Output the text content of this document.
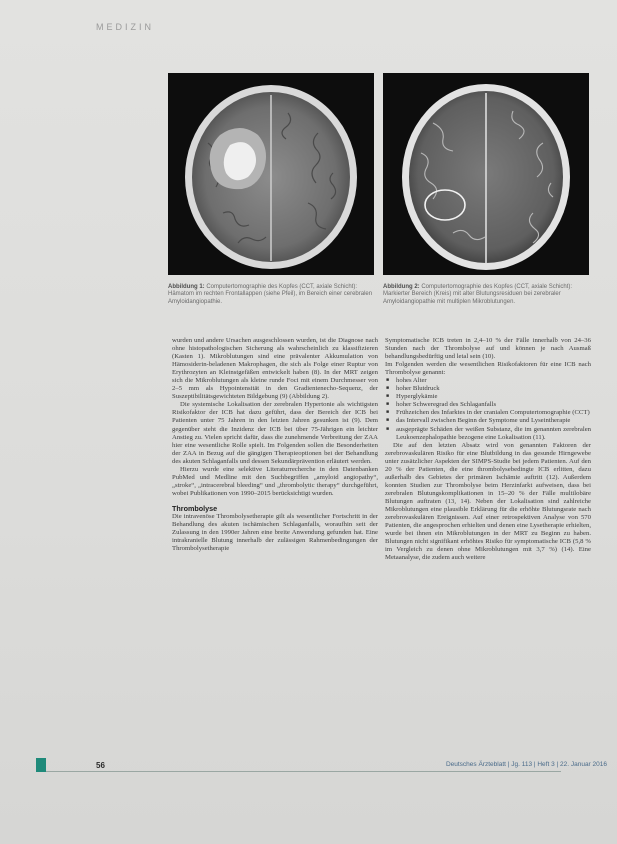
MEDIZIN
Abbildung 1: Computertomographie des Kopfes (CCT, axiale Schicht): Hämatom im rechten Frontallappen (siehe Pfeil), im Bereich einer cerebralen Amyloidangiopathie.
Abbildung 2: Computertomographie des Kopfes (CCT, axiale Schicht): Markierter Bereich (Kreis) mit alter Blutungsresiduen bei zerebraler Amyloidangiopathie mit multiplen Mikroblutungen.

wurden und andere Ursachen ausgeschlossen wurden, ist die Diagnose nach ohne histopathologischen Sicherung als wahrscheinlich zu klassifizieren (Kasten 1). Mikroblutungen sind eine prävalenter Akkumulation von Hämosiderin-beladenen Makrophagen, die sich als Folge einer Ruptur von Erythrozyten an Kleinstgefäßen entwickelt haben (8). In der MRT zeigen sich die Mikroblutungen als kleine runde Foci mit einem Durchmesser von 2–5 mm als Hypointensität in den Gradientenecho-Sequenz, der Suszeptibilitätsgewichteten Bildgebung (9) (Abbildung 2).

Die systemische Lokalisation der zerebralen Hypertonie als wichtigsten Risikofaktor der ICB hat dazu geführt, dass der Bereich der ICB bei Patienten unter 75 Jahren in den letzten Jahren gesunken ist (9). Dem gegenüber steht die Inzidenz der ICB bei über 75-Jährigen ein leichter Anstieg zu. Vielen spricht dafür, dass die zunehmende Verbreitung der ZAA hier eine wesentliche Rolle spielt. Im Folgenden sollen die Besonderheiten der ZAA in Bezug auf die gängigen Therapieoptionen bei der Behandlung des akuten Schlaganfalls und dessen Sekundärprävention erläutert werden.

Hierzu wurde eine selektive Literaturrecherche in den Datenbanken PubMed und Medline mit den Suchbegriffen „amyloid angiopathy“, „stroke“, „intracerebral bleeding“ und „thrombolytic therapy“ durchgeführt, wobei Publikationen von 1990–2015 berücksichtigt wurden.

Thrombolyse

Die intravenöse Thrombolysetherapie gilt als wesentlicher Fortschritt in der Behandlung des akuten ischämischen Schlaganfalls, woraufhin seit der Zulassung in den 1990er Jahren eine breite Anwendung gefunden hat. Eine intrakranielle Blutung innerhalb der zulässigen Rahmenbedingungen der Thrombolysetherapie

Symptomatische ICB treten in 2,4–10 % der Fälle innerhalb von 24–36 Stunden nach der Thrombolyse auf und können je nach Ausmaß behandlungsbedürftig und letal sein (10).

Im Folgenden werden die wesentlichen Risikofaktoren für eine ICB nach Thrombolyse genannt:

■ hohes Alter
■ hoher Blutdruck
■ Hyperglykämie
■ hoher Schweregrad des Schlaganfalls
■ Frühzeichen des Infarktes in der cranialen Computertomographie (CCT)
■ das Intervall zwischen Beginn der Symptome und Lyseintherapie
■ ausgeprägte Schäden der weißen Substanz, die im genannten zerebralen Leukoenzephalopathie bezogene eine Lokalisation (11).

Die auf den letzten Absatz wird von genannten Faktoren der zerebrovaskulären Risiko für eine Blutbildung in das gesunde Hirngewebe unter zusätzlicher Aspekten der SIMPS-Studie bei jedem Patienten. Auf den 20 % der Patienten, die eine thrombolysebedingte ICB erlitten, dazu außerhalb des Gebietes der primären Ischämie auftritt (12). Außerdem konnten Studien zur Thrombolyse beim Herzinfarkt aufweisen, dass bei zerebralen Blutungskomplikationen in 15–20 % der Fälle multilobäre Blutungen auftraten (13, 14). Neben der Lokalisation sind zahlreiche Mikroblutungen eine plausible Erklärung für die erhöhte Blutungsrate nach zerebrovaskulären Ereignissen. Auf einer retrospektiven Analyse von 570 Patienten, die angesprochen erhielten und denen eine Lysetherapie erhielten, wurde bei ihnen ein Mikroblutungen in der MRT zu Beginn zu haben. Blutungen nicht signifikant erhöhtes Risiko für symptomatische ICB (5,8 % im Vergleich zu denen ohne Mikroblutungen mit 3,7 %) (14). Eine Metaanalyse, die zudem auch weitere

56	Deutsches Ärzteblatt | Jg. 113 | Heft 3 | 22. Januar 2016
